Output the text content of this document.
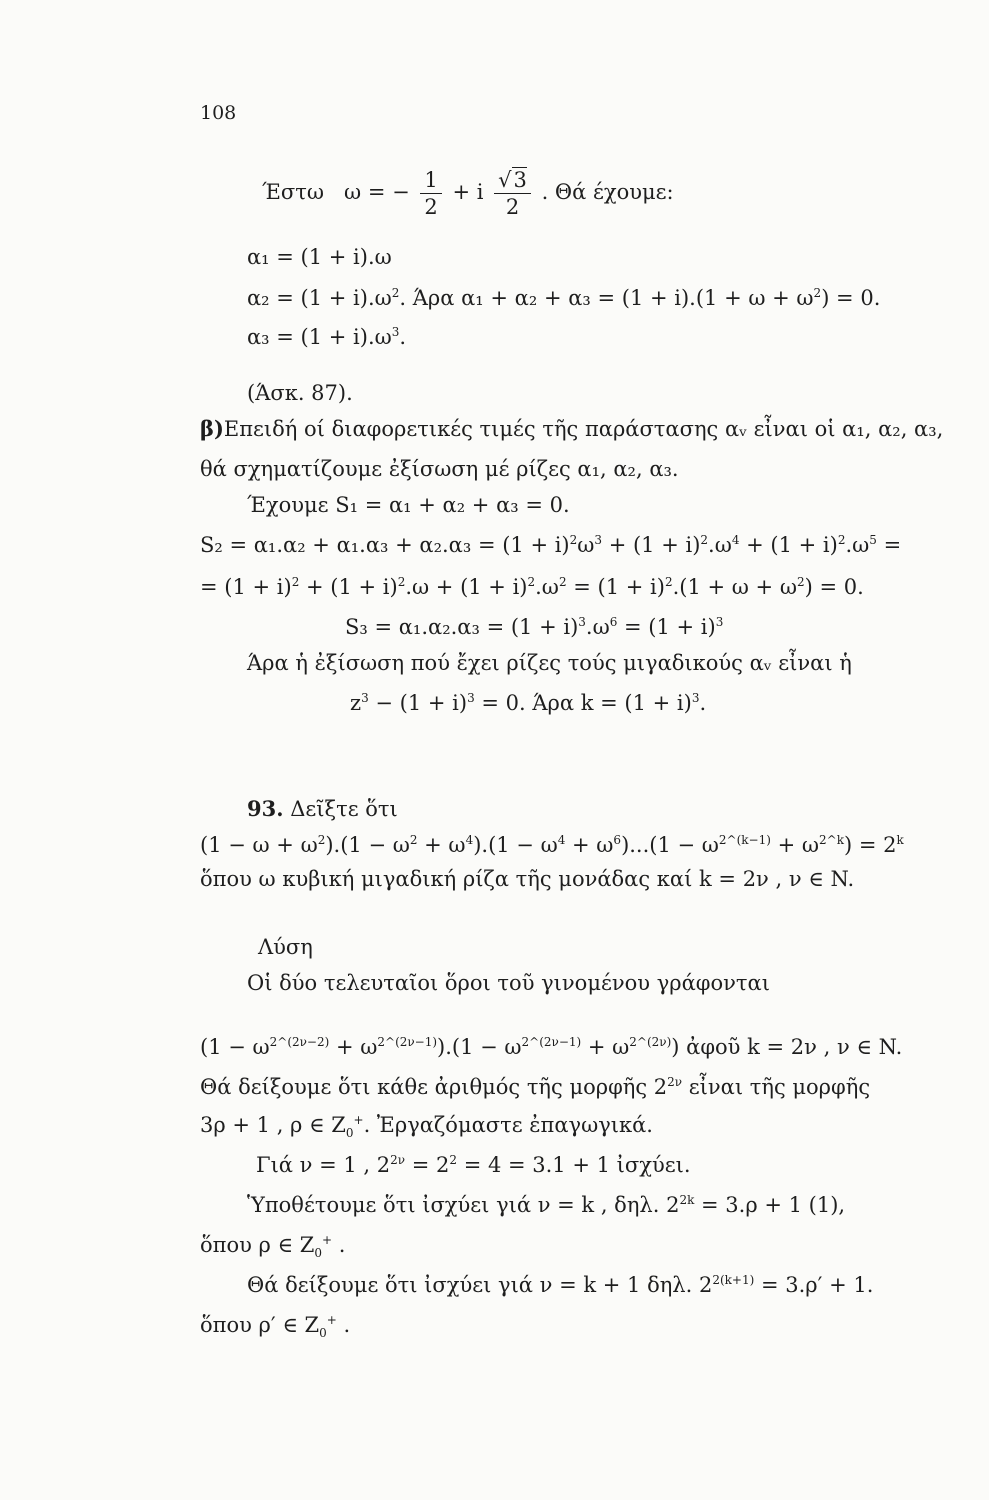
108
Έστω ω = − $\frac{1}{2} + i \frac{√3}{2}$ . Θά έχουμε:
α₁ = (1 + i).ω
$\alpha_2 = (1 + i).\omega^2$. Άρα $\alpha_1 + \alpha_2 + \alpha_3 = (1 + i).(1 + \omega + \omega^2) = 0$.
$\alpha_3 = (1 + i).\omega^3$.
(Άσκ. 87).
β)Επειδή οί διαφορετικές τιμές τῆς παράστασης αᵥ εἶναι οἱ α₁, α₂, α₃,
θά σχηματίζουμε ἐξίσωση μέ ρίζες α₁, α₂, α₃.
Έχουμε S₁ = α₁ + α₂ + α₃ = 0.
$S_2 = \alpha_1.\alpha_2 + \alpha_1.\alpha_3 + \alpha_2.\alpha_3 = (1 + i)^2\omega^3 + (1 + i)^2.\omega^4 + (1 + i)^2.\omega^5$ =
= $(1 + i)^2 + (1 + i)^2.\omega + (1 + i)^2.\omega^2 = (1 + i)^2.(1 + \omega + \omega^2) = 0$.
$S_3 = \alpha_1.\alpha_2.\alpha_3 = (1 + i)^3.\omega^6 = (1 + i)^3$
Άρα ἡ ἐξίσωση πού ἔχει ρίζες τούς μιγαδικούς αᵥ εἶναι ἡ
$z^3 - (1 + i)^3 = 0$. Άρα $k = (1 + i)^3$.
93. Δεῖξτε ὅτι
$(1 - \omega + \omega^2).(1 - \omega^2 + \omega^4).(1 - \omega^4 + \omega^6)...(1 - \omega^{2\^{}(k-1)} + \omega^{2\^{}k}) = 2^k$
ὅπου ω κυβική μιγαδική ρίζα τῆς μονάδας καί k = 2ν , ν ∈ N.
Λύση
Οἱ δύο τελευταῖοι ὅροι τοῦ γινομένου γράφονται
$(1 - \omega^{2\^{}(2\nu-2)} + \omega^{2\^{}(2\nu-1)}).(1 - \omega^{2\^{}(2\nu-1)} + \omega^{2\^{}(2\nu)})$ ἀφοῦ k = 2ν , ν ∈ N.
Θά δείξουμε ὅτι κάθε ἀριθμός τῆς μορφῆς $2^{2\nu}$ εἶναι τῆς μορφῆς
3ρ + 1 , ρ ∈ $Z_0^+$. Ἐργαζόμαστε ἐπαγωγικά.
Γιά ν = 1 , $2^{2\nu} = 2^2 = 4 = 3.1 + 1$ ἰσχύει.
Ὑποθέτουμε ὅτι ἰσχύει γιά ν = k , δηλ. $2^{2k} = 3.\rho + 1$ (1),
ὅπου ρ ∈ $Z_0^+$ .
Θά δείξουμε ὅτι ἰσχύει γιά ν = k + 1 δηλ. $2^{2(k+1)} = 3.\rho' + 1$.
ὅπου ρ′ ∈ $Z_0^+$ .
